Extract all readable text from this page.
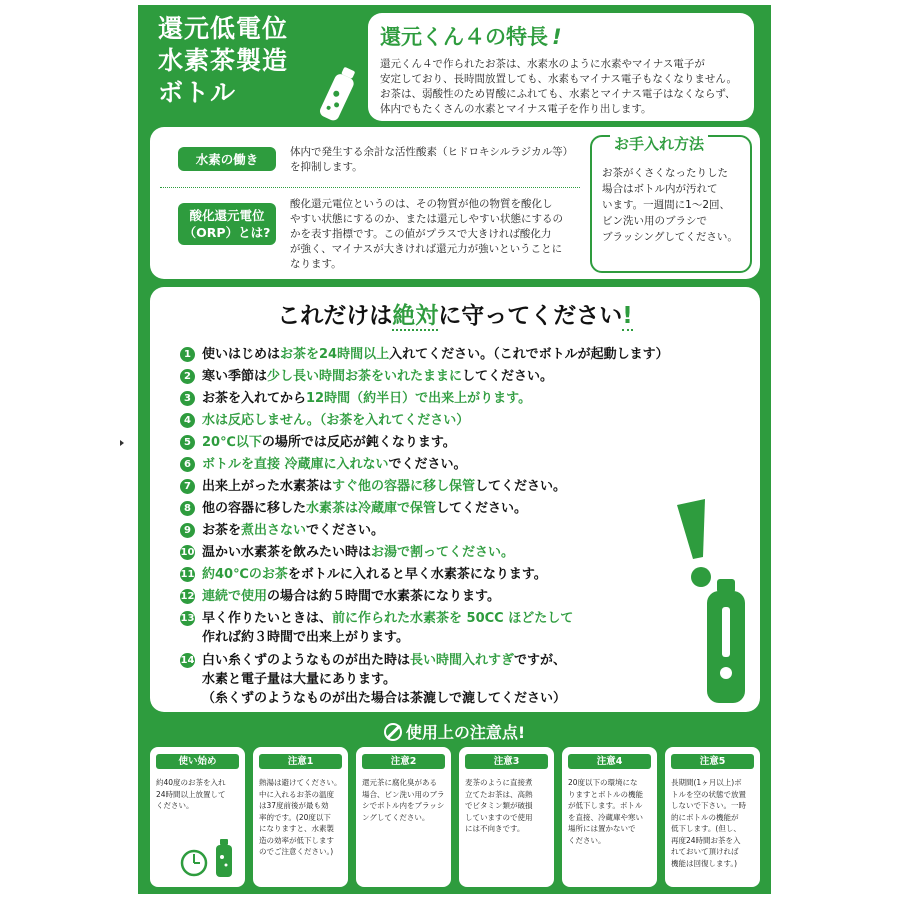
還元低電位
水素茶製造
ボトル
還元くん４の特長 !
還元くん４で作られたお茶は、水素水のように水素やマイナス電子が
安定しており、長時間放置しても、水素もマイナス電子もなくなりません。
お茶は、弱酸性のため胃酸にふれても、水素とマイナス電子はなくならず、
体内でもたくさんの水素とマイナス電子を作り出します。
水素の働き	体内で発生する余計な活性酸素（ヒドロキシルラジカル等）
を抑制します。
酸化還元電位
（ORP）とは?
酸化還元電位というのは、その物質が他の物質を酸化し
やすい状態にするのか、または還元しやすい状態にするの
かを表す指標です。この値がプラスで大きければ酸化力
が強く、マイナスが大きければ還元力が強いということに
なります。
お手入れ方法
お茶がくさくなったりした
場合はボトル内が汚れて
います。一週間に1〜2回、
ビン洗い用のブラシで
ブラッシングしてください。
これだけは絶対に守ってください!
1 使いはじめはお茶を24時間以上入れてください。（これでボトルが起動します）
2 寒い季節は少し長い時間お茶をいれたままにしてください。
3 お茶を入れてから12時間（約半日）で出来上がります。
4 水は反応しません。（お茶を入れてください）
5 20℃以下の場所では反応が鈍くなります。
6 ボトルを直接 冷蔵庫に入れないでください。
7 出来上がった水素茶はすぐ他の容器に移し保管してください。
8 他の容器に移した水素茶は冷蔵庫で保管してください。
9 お茶を煮出さないでください。
10 温かい水素茶を飲みたい時はお湯で割ってください。
11 約40℃のお茶をボトルに入れると早く水素茶になります。
12 連続で使用の場合は約５時間で水素茶になります。
13 早く作りたいときは、前に作られた水素茶を 50CC ほどたして
作れば約３時間で出来上がります。
14 白い糸くずのようなものが出た時は長い時間入れすぎですが、
水素と電子量は大量にあります。
（糸くずのようなものが出た場合は茶漉しで漉してください）
使用上の注意点!
使い始め
約40度のお茶を入れ
24時間以上放置して
ください。
注意1
熱湯は避けてください。
中に入れるお茶の温度
は37度前後が最も効
率的です。(20度以下
になりますと、水素製
造の効率が低下します
のでご注意ください。)
注意2
還元茶に腐化臭がある
場合、ビン洗い用のブラ
シでボトル内をブラッシ
ングしてください。
注意3
麦茶のように直接煮
立てたお茶は、高熱
でビタミン類が破損
していますので使用
には不向きです。
注意4
20度以下の環境にな
りますとボトルの機能
が低下します。ボトル
を直接、冷蔵庫や寒い
場所には置かないで
ください。
注意5
長期間(1ヶ月以上)ボ
トルを空の状態で放置
しないで下さい。一時
的にボトルの機能が
低下します。(但し、
再度24時間お茶を入
れておいて頂ければ
機能は回復します。)
